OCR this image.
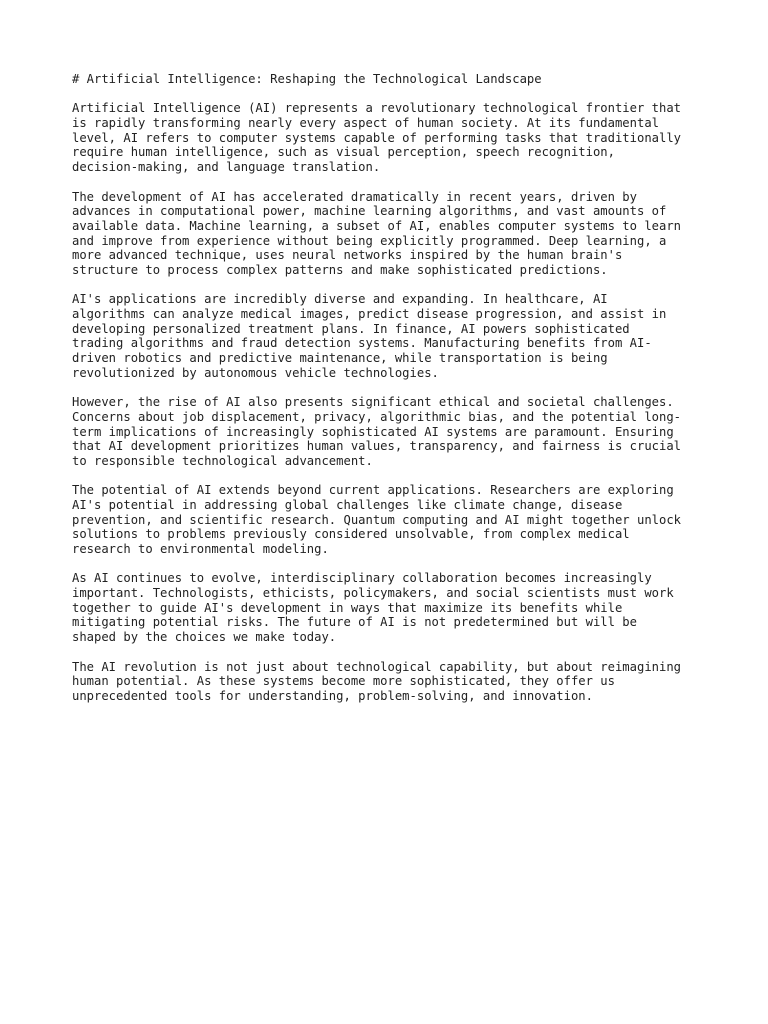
# Artificial Intelligence: Reshaping the Technological Landscape
Artificial Intelligence (AI) represents a revolutionary technological frontier that
is rapidly transforming nearly every aspect of human society. At its fundamental
level, AI refers to computer systems capable of performing tasks that traditionally
require human intelligence, such as visual perception, speech recognition,
decision-making, and language translation.
The development of AI has accelerated dramatically in recent years, driven by
advances in computational power, machine learning algorithms, and vast amounts of
available data. Machine learning, a subset of AI, enables computer systems to learn
and improve from experience without being explicitly programmed. Deep learning, a
more advanced technique, uses neural networks inspired by the human brain's
structure to process complex patterns and make sophisticated predictions.
AI's applications are incredibly diverse and expanding. In healthcare, AI
algorithms can analyze medical images, predict disease progression, and assist in
developing personalized treatment plans. In finance, AI powers sophisticated
trading algorithms and fraud detection systems. Manufacturing benefits from AI-
driven robotics and predictive maintenance, while transportation is being
revolutionized by autonomous vehicle technologies.
However, the rise of AI also presents significant ethical and societal challenges.
Concerns about job displacement, privacy, algorithmic bias, and the potential long-
term implications of increasingly sophisticated AI systems are paramount. Ensuring
that AI development prioritizes human values, transparency, and fairness is crucial
to responsible technological advancement.
The potential of AI extends beyond current applications. Researchers are exploring
AI's potential in addressing global challenges like climate change, disease
prevention, and scientific research. Quantum computing and AI might together unlock
solutions to problems previously considered unsolvable, from complex medical
research to environmental modeling.
As AI continues to evolve, interdisciplinary collaboration becomes increasingly
important. Technologists, ethicists, policymakers, and social scientists must work
together to guide AI's development in ways that maximize its benefits while
mitigating potential risks. The future of AI is not predetermined but will be
shaped by the choices we make today.
The AI revolution is not just about technological capability, but about reimagining
human potential. As these systems become more sophisticated, they offer us
unprecedented tools for understanding, problem-solving, and innovation.
